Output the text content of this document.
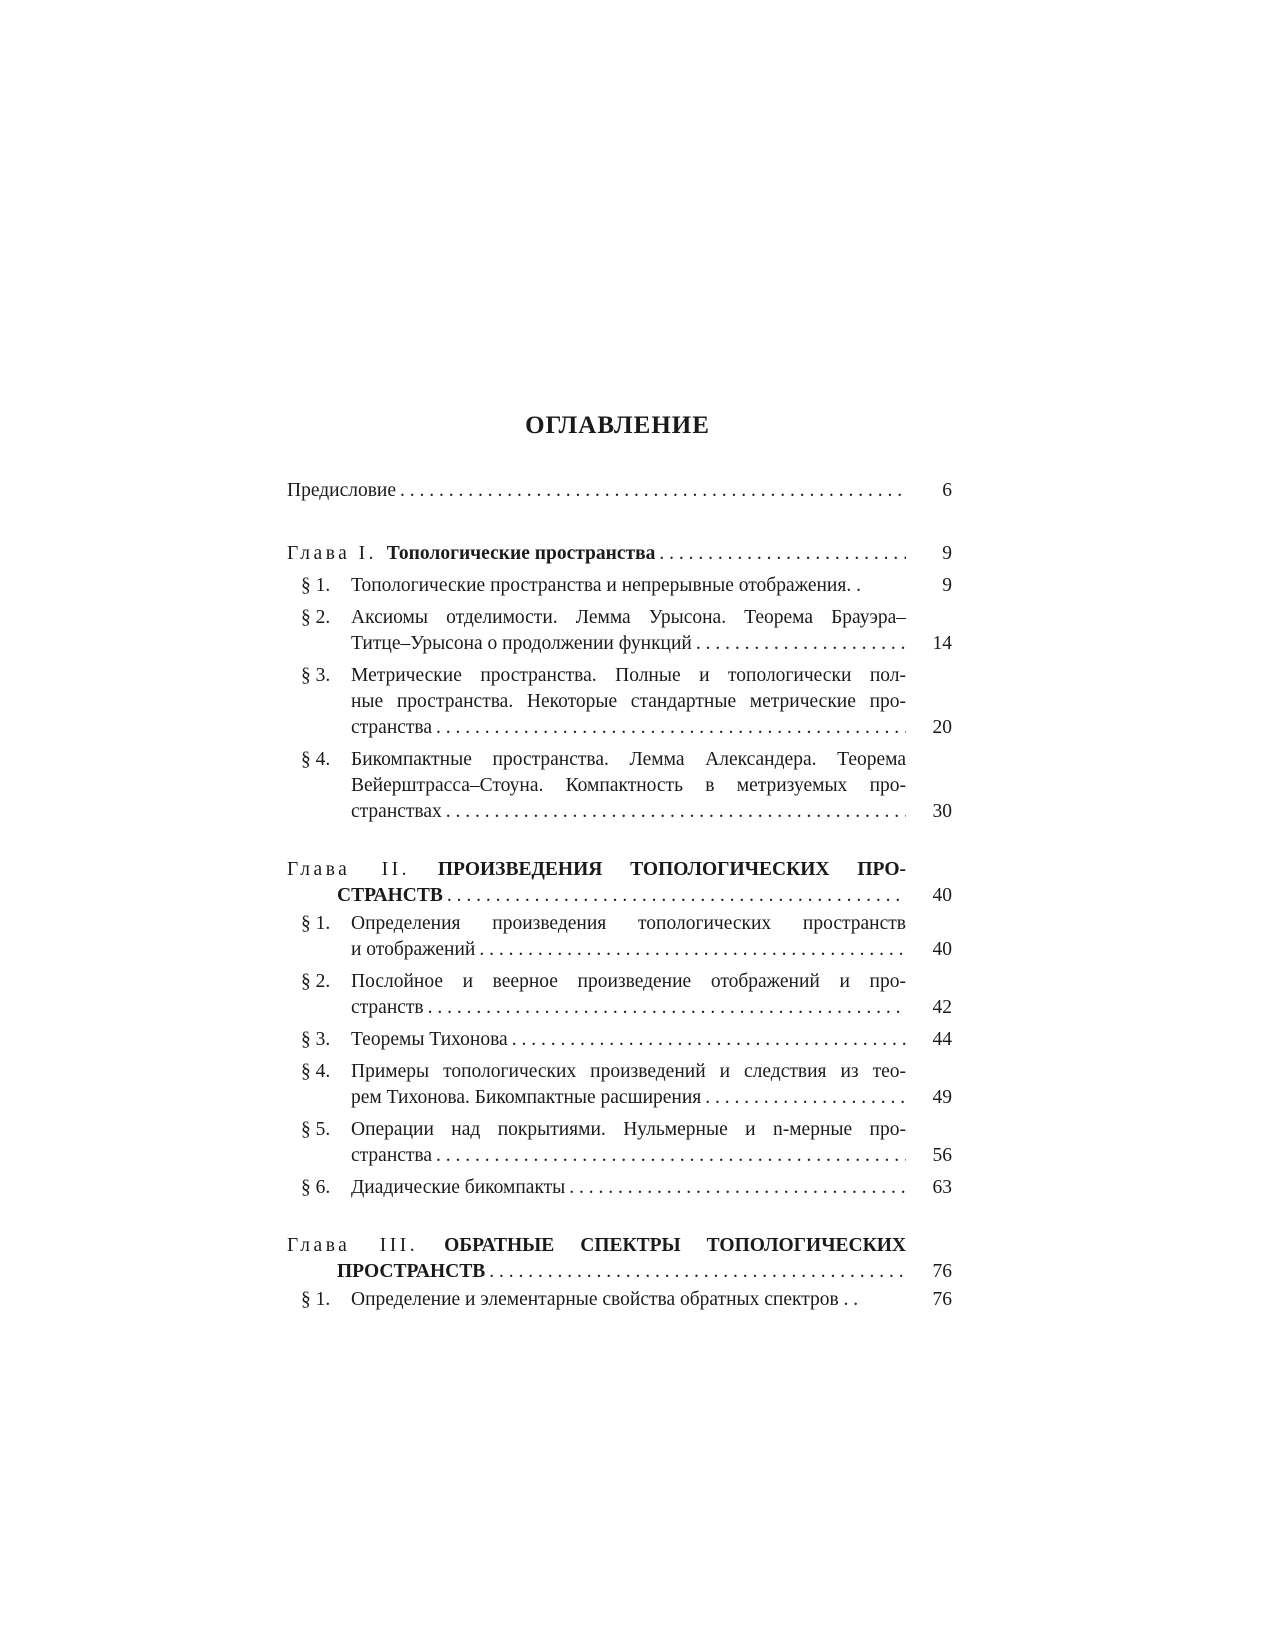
ОГЛАВЛЕНИЕ
Предисловие . . .	6
Глава I. Топологические пространства . . .	9
§ 1.	Топологические пространства и непрерывные отображения. .	9
§ 2.	Аксиомы отделимости. Лемма Урысона. Теорема Брауэра–
Титце–Урысона о продолжении функций . . .	14
§ 3.	Метрические пространства. Полные и топологически пол-
ные пространства. Некоторые стандартные метрические про-
странства . . .	20
§ 4.	Бикомпактные пространства. Лемма Александера. Теорема
Вейерштрасса–Стоуна. Компактность в метризуемых про-
странствах . . .	30
Глава II. ПРОИЗВЕДЕНИЯ ТОПОЛОГИЧЕСКИХ ПРО-
СТРАНСТВ . . .	40
§ 1.	Определения произведения топологических пространств
и отображений . . .	40
§ 2.	Послойное и веерное произведение отображений и про-
странств . . .	42
§ 3.	Теоремы Тихонова . . .	44
§ 4.	Примеры топологических произведений и следствия из тео-
рем Тихонова. Бикомпактные расширения . . .	49
§ 5.	Операции над покрытиями. Нульмерные и n-мерные про-
странства . . .	56
§ 6.	Диадические бикомпакты . . .	63
Глава III. ОБРАТНЫЕ СПЕКТРЫ ТОПОЛОГИЧЕСКИХ
ПРОСТРАНСТВ . . .	76
§ 1.	Определение и элементарные свойства обратных спектров . .	76
